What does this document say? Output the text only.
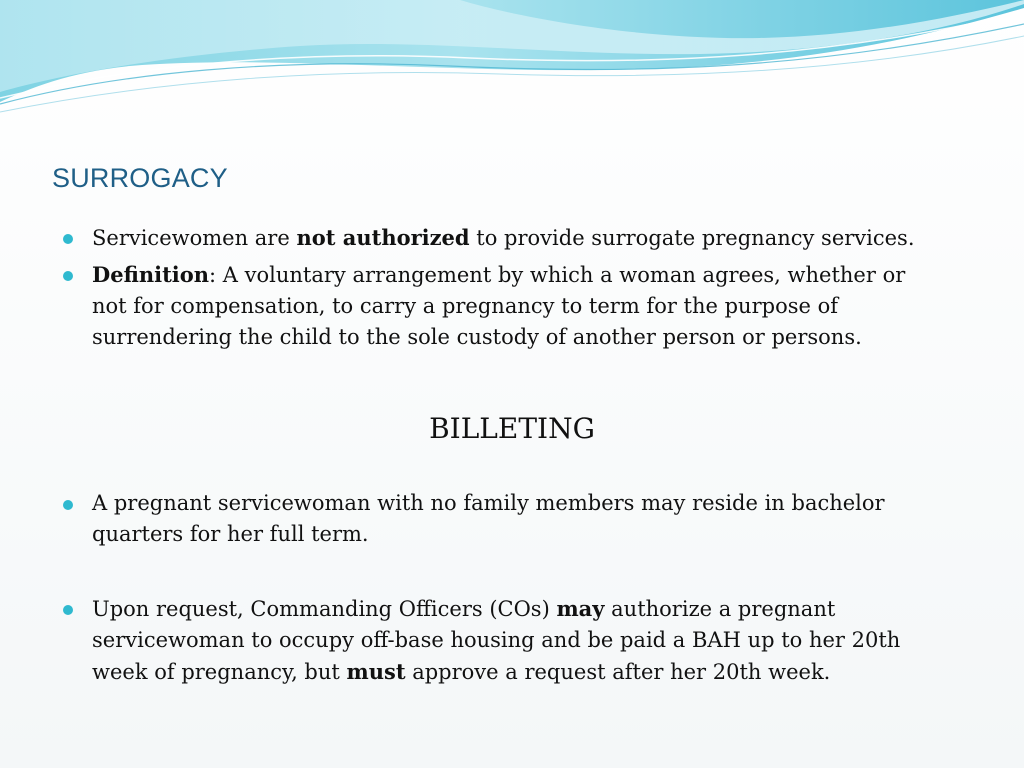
SURROGACY
Servicewomen are not authorized to provide surrogate pregnancy services.
Definition: A voluntary arrangement by which a woman agrees, whether or not for compensation, to carry a pregnancy to term for the purpose of surrendering the child to the sole custody of another person or persons.
BILLETING
A pregnant servicewoman with no family members may reside in bachelor quarters for her full term.
Upon request, Commanding Officers (COs) may authorize a pregnant servicewoman to occupy off-base housing and be paid a BAH up to her 20th week of pregnancy, but must approve a request after her 20th week.
